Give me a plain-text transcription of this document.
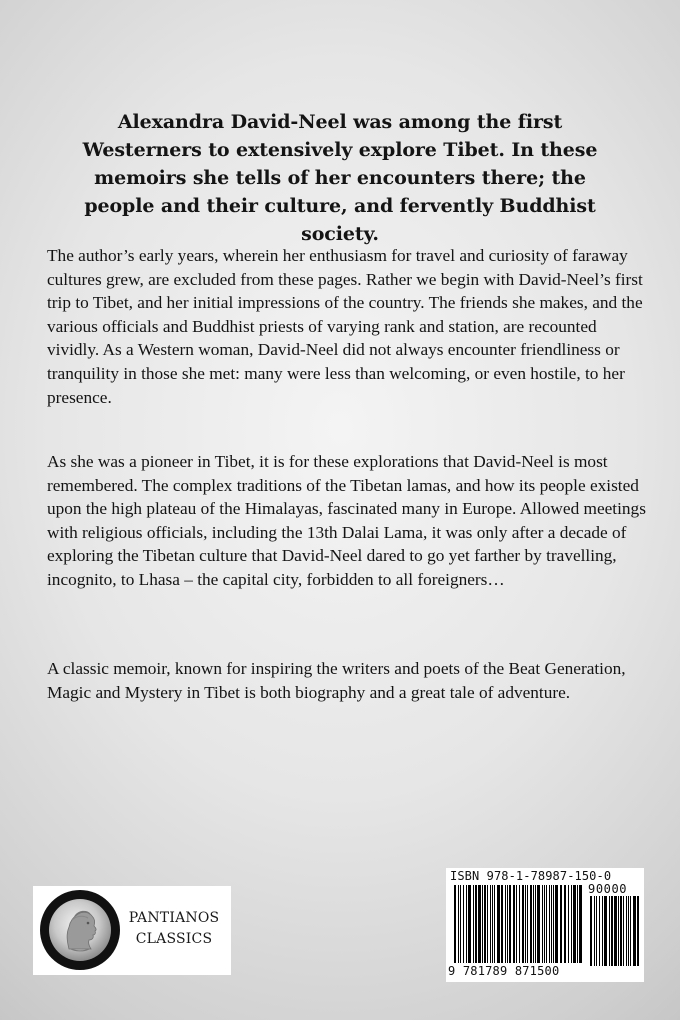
Alexandra David-Neel was among the first Westerners to extensively explore Tibet. In these memoirs she tells of her encounters there; the people and their culture, and fervently Buddhist society.

The author’s early years, wherein her enthusiasm for travel and curiosity of faraway cultures grew, are excluded from these pages. Rather we begin with David-Neel’s first trip to Tibet, and her initial impressions of the country. The friends she makes, and the various officials and Buddhist priests of varying rank and station, are recounted vividly. As a Western woman, David-Neel did not always encounter friendliness or tranquility in those she met: many were less than welcoming, or even hostile, to her presence.

As she was a pioneer in Tibet, it is for these explorations that David-Neel is most remembered. The complex traditions of the Tibetan lamas, and how its people existed upon the high plateau of the Himalayas, fascinated many in Europe. Allowed meetings with religious officials, including the 13th Dalai Lama, it was only after a decade of exploring the Tibetan culture that David-Neel dared to go yet farther by travelling, incognito, to Lhasa – the capital city, forbidden to all foreigners…

A classic memoir, known for inspiring the writers and poets of the Beat Generation, Magic and Mystery in Tibet is both biography and a great tale of adventure.

PANTIANOS
CLASSICS
ISBN 978-1-78987-150-0
90000
9 781789 871500
